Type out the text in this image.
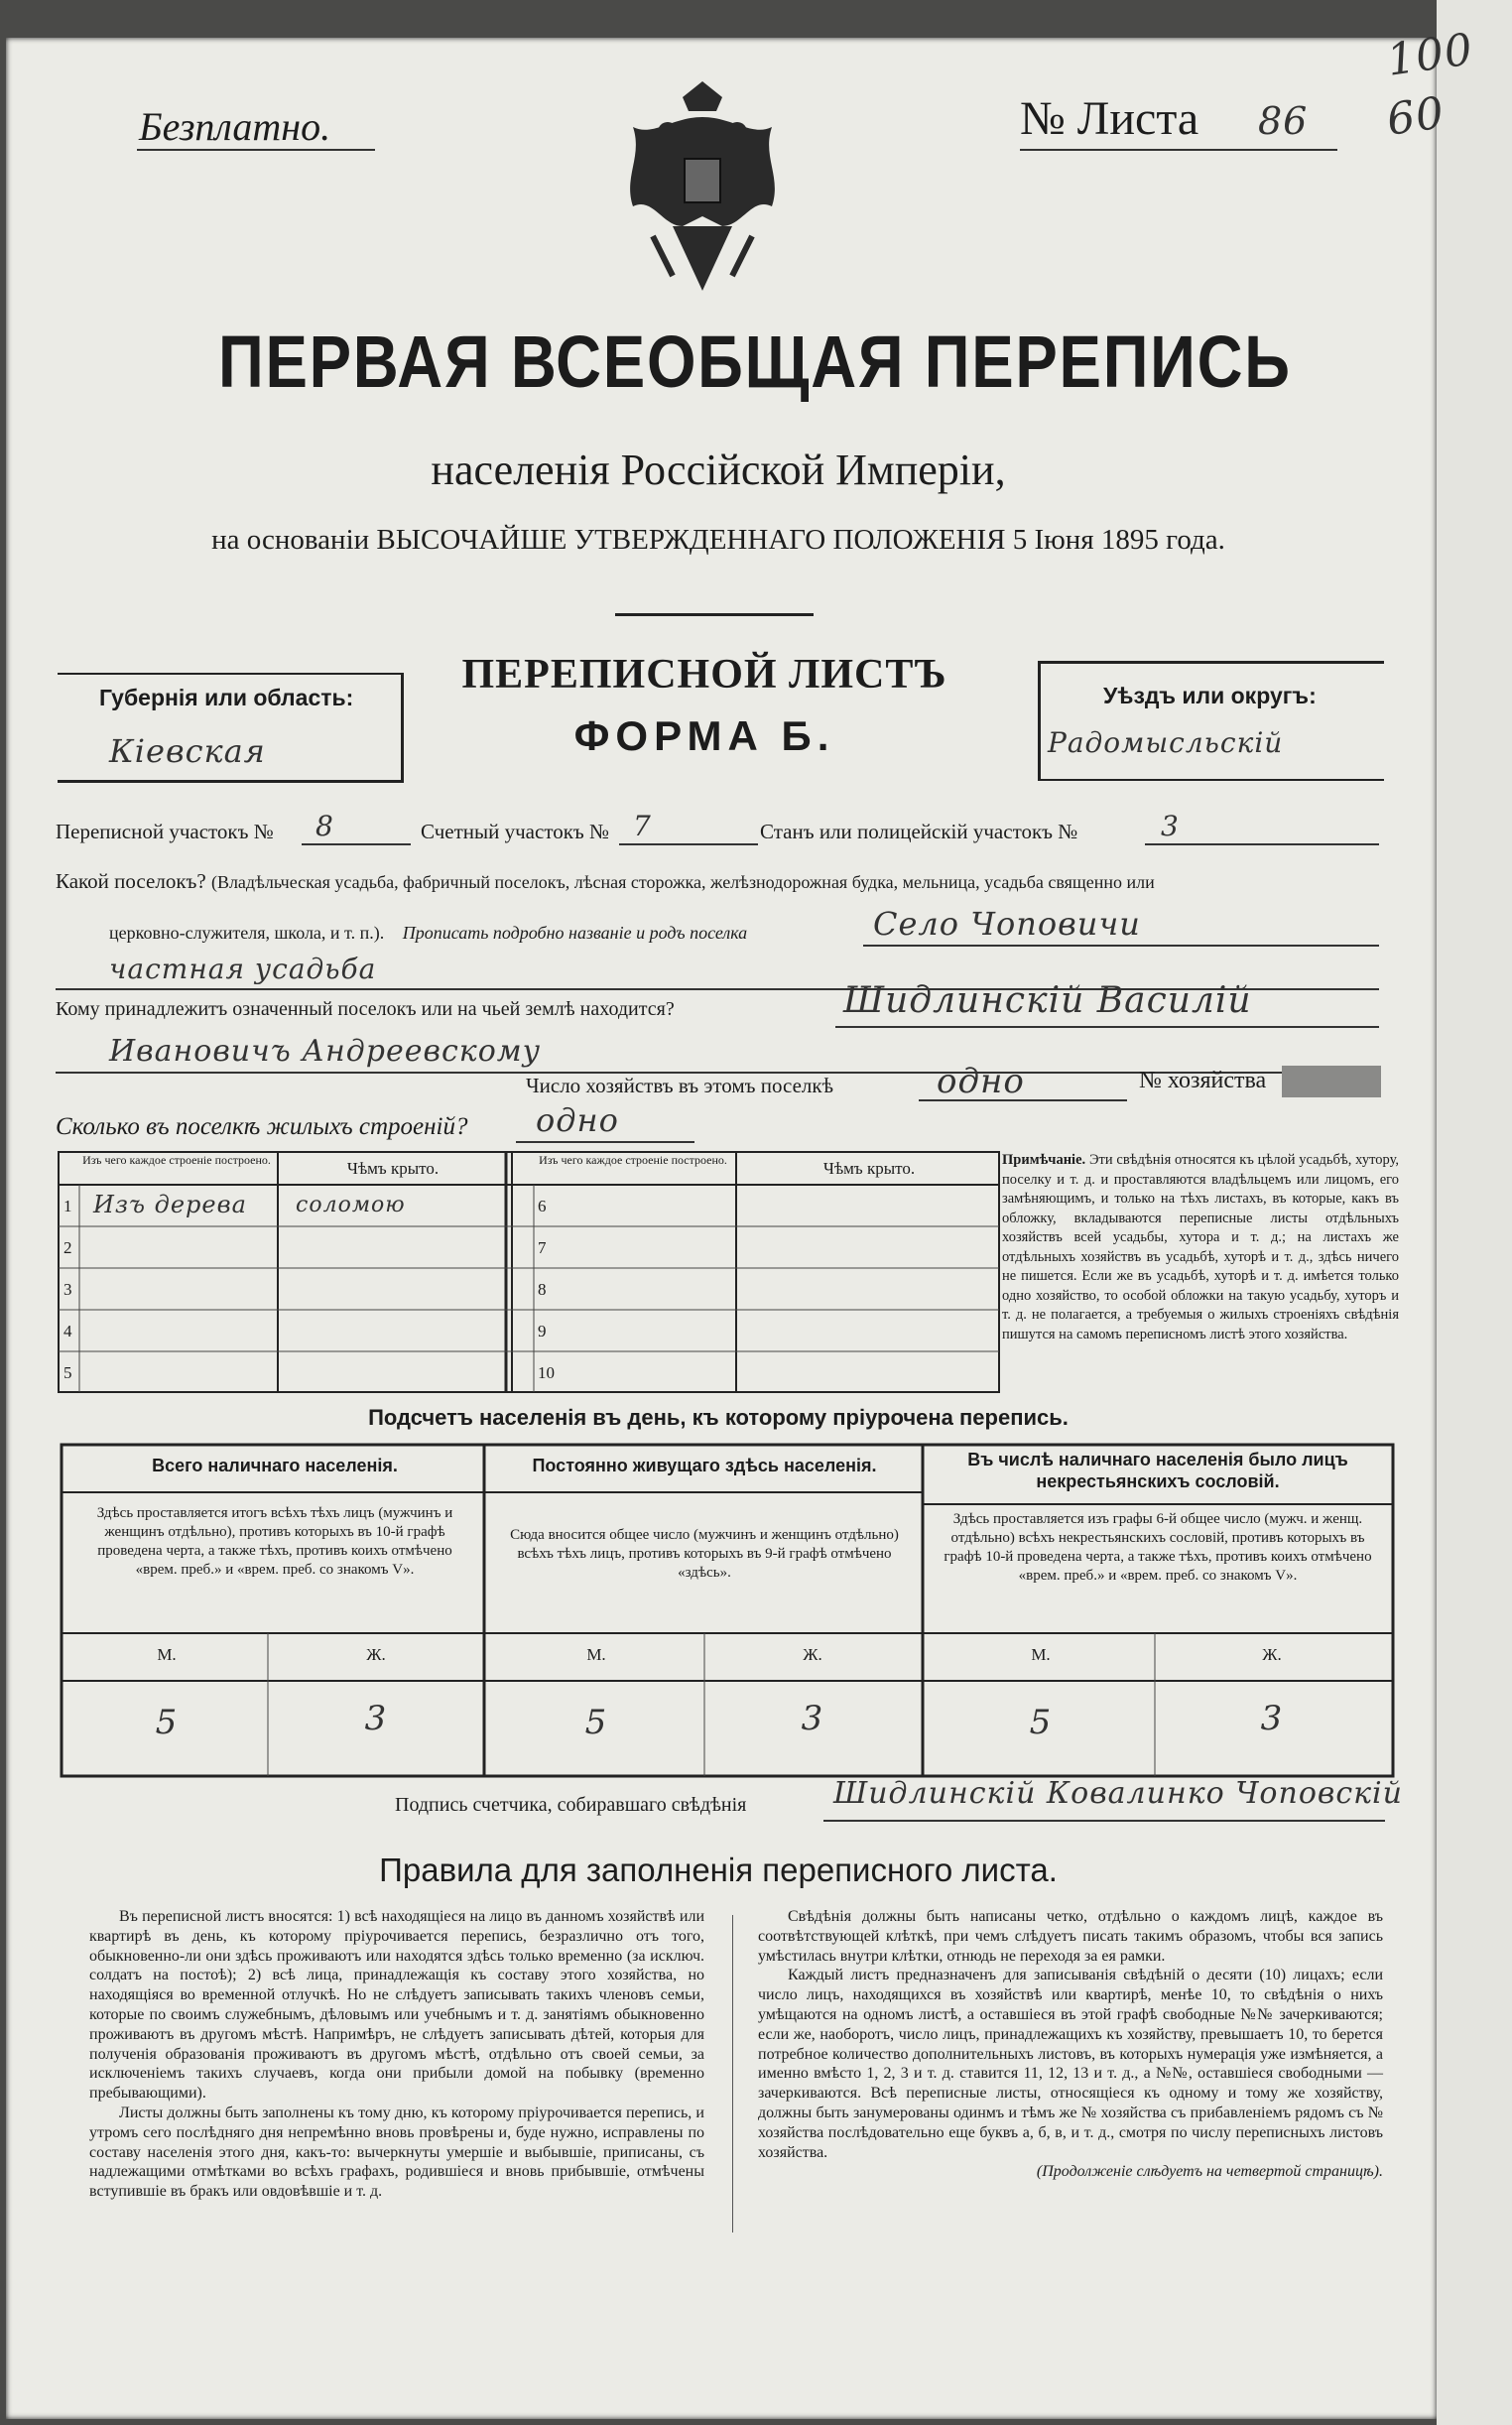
100
60
Безплатно.	№ Листа 86
ПЕРВАЯ ВСЕОБЩАЯ ПЕРЕПИСЬ
населенія Россійской Имперіи,
на основаніи ВЫСОЧАЙШЕ УТВЕРЖДЕННАГО ПОЛОЖЕНІЯ 5 Іюня 1895 года.
Губернія или область:
Кіевская
ПЕРЕПИСНОЙ ЛИСТЪ
ФОРМА Б.
Уѣздъ или округъ:
Радомысльскій
Переписной участокъ № 8	Счетный участокъ № 7	Станъ или полицейскій участокъ №	3
Какой поселокъ? (Владѣльческая усадьба, фабричный поселокъ, лѣсная сторожка, желѣзнодорожная будка, мельница, усадьба священно или
церковно-служителя, школа, и т. п.). Прописать подробно названіе и родъ поселка	Село Чоповичи
частная усадьба
Кому принадлежитъ означенный поселокъ или на чьей землѣ находится?	Шидлинскій Василій
Ивановичъ Андреевскому
Число хозяйствъ въ этомъ поселкѣ	одно	№ хозяйства
Сколько въ поселкѣ жилыхъ строеній? одно
Изъ чего каждое строеніе построено.	Чѣмъ крыто.	Изъ чего каждое строеніе построено.	Чѣмъ крыто.
1 Изъ дерева соломою
2
3
4
5
6
7
8
9
10
Примѣчаніе. Эти свѣдѣнія относятся къ цѣлой усадьбѣ, хутору, поселку и т. д. и проставляются владѣльцемъ или лицомъ, его замѣняющимъ, и только на тѣхъ листахъ, въ которые, какъ въ обложку, вкладываются переписные листы отдѣльныхъ хозяйствъ всей усадьбы, хутора и т. д.; на листахъ же отдѣльныхъ хозяйствъ въ усадьбѣ, хуторѣ и т. д., здѣсь ничего не пишется. Если же въ усадьбѣ, хуторѣ и т. д. имѣется только одно хозяйство, то особой обложки на такую усадьбу, хуторъ и т. д. не полагается, а требуемыя о жилыхъ строеніяхъ свѣдѣнія пишутся на самомъ переписномъ листѣ этого хозяйства.
Подсчетъ населенія въ день, къ которому пріурочена перепись.
Всего наличнаго населенія.
Здѣсь проставляется итогъ всѣхъ тѣхъ лицъ (мужчинъ и женщинъ отдѣльно), противъ которыхъ въ 10-й графѣ проведена черта, а также тѣхъ, противъ коихъ отмѣчено «врем. преб.» и «врем. преб. со знакомъ V».
М.	Ж.
5	3
Постоянно живущаго здѣсь населенія.
Сюда вносится общее число (мужчинъ и женщинъ отдѣльно) всѣхъ тѣхъ лицъ, противъ которыхъ въ 9-й графѣ отмѣчено «здѣсь».
М.	Ж.
5	3
Въ числѣ наличнаго населенія было лицъ некрестьянскихъ сословій.
Здѣсь проставляется изъ графы 6-й общее число (мужч. и женщ. отдѣльно) всѣхъ некрестьянскихъ сословій, противъ которыхъ въ графѣ 10-й проведена черта, а также тѣхъ, противъ коихъ отмѣчено «врем. преб.» и «врем. преб. со знакомъ V».
М.	Ж.
5	3
Подпись счетчика, собиравшаго свѣдѣнія	Шидлинскій Ковалинко Чоповскій
Правила для заполненія переписного листа.

Въ переписной листъ вносятся: 1) всѣ находящіеся на лицо въ данномъ хозяйствѣ или квартирѣ въ день, къ которому пріурочивается перепись, безразлично отъ того, обыкновенно-ли они здѣсь проживаютъ или находятся здѣсь только временно (за исключ. солдатъ на постоѣ); 2) всѣ лица, принадлежащія къ составу этого хозяйства, но находящіяся во временной отлучкѣ. Но не слѣдуетъ записывать такихъ членовъ семьи, которые по своимъ служебнымъ, дѣловымъ или учебнымъ и т. д. занятіямъ обыкновенно проживаютъ въ другомъ мѣстѣ. Напримѣръ, не слѣдуетъ записывать дѣтей, которыя для полученія образованія проживаютъ въ другомъ мѣстѣ, отдѣльно отъ своей семьи, за исключеніемъ такихъ случаевъ, когда они прибыли домой на побывку (временно пребывающими).

Листы должны быть заполнены къ тому дню, къ которому пріурочивается перепись, и утромъ сего послѣдняго дня непремѣнно вновь провѣрены и, буде нужно, исправлены по составу населенія этого дня, какъ-то: вычеркнуты умершіе и выбывшіе, приписаны, съ надлежащими отмѣтками во всѣхъ графахъ, родившіеся и вновь прибывшіе, отмѣчены вступившіе въ бракъ или овдовѣвшіе и т. д.

Свѣдѣнія должны быть написаны четко, отдѣльно о каждомъ лицѣ, каждое въ соотвѣтствующей клѣткѣ, при чемъ слѣдуетъ писать такимъ образомъ, чтобы вся запись умѣстилась внутри клѣтки, отнюдь не переходя за ея рамки.

Каждый листъ предназначенъ для записыванія свѣдѣній о десяти (10) лицахъ; если число лицъ, находящихся въ хозяйствѣ или квартирѣ, менѣе 10, то свѣдѣнія о нихъ умѣщаются на одномъ листѣ, а оставшіеся въ этой графѣ свободные №№ зачеркиваются; если же, наоборотъ, число лицъ, принадлежащихъ къ хозяйству, превышаетъ 10, то берется потребное количество дополнительныхъ листовъ, въ которыхъ нумерація уже измѣняется, а именно вмѣсто 1, 2, 3 и т. д. ставится 11, 12, 13 и т. д., а №№, оставшіеся свободными — зачеркиваются. Всѣ переписные листы, относящіеся къ одному и тому же хозяйству, должны быть занумерованы одинмъ и тѣмъ же № хозяйства съ прибавленіемъ рядомъ съ № хозяйства послѣдовательно еще буквъ а, б, в, и т. д., смотря по числу переписныхъ листовъ хозяйства.

(Продолженіе слѣдуетъ на четвертой страницѣ).
